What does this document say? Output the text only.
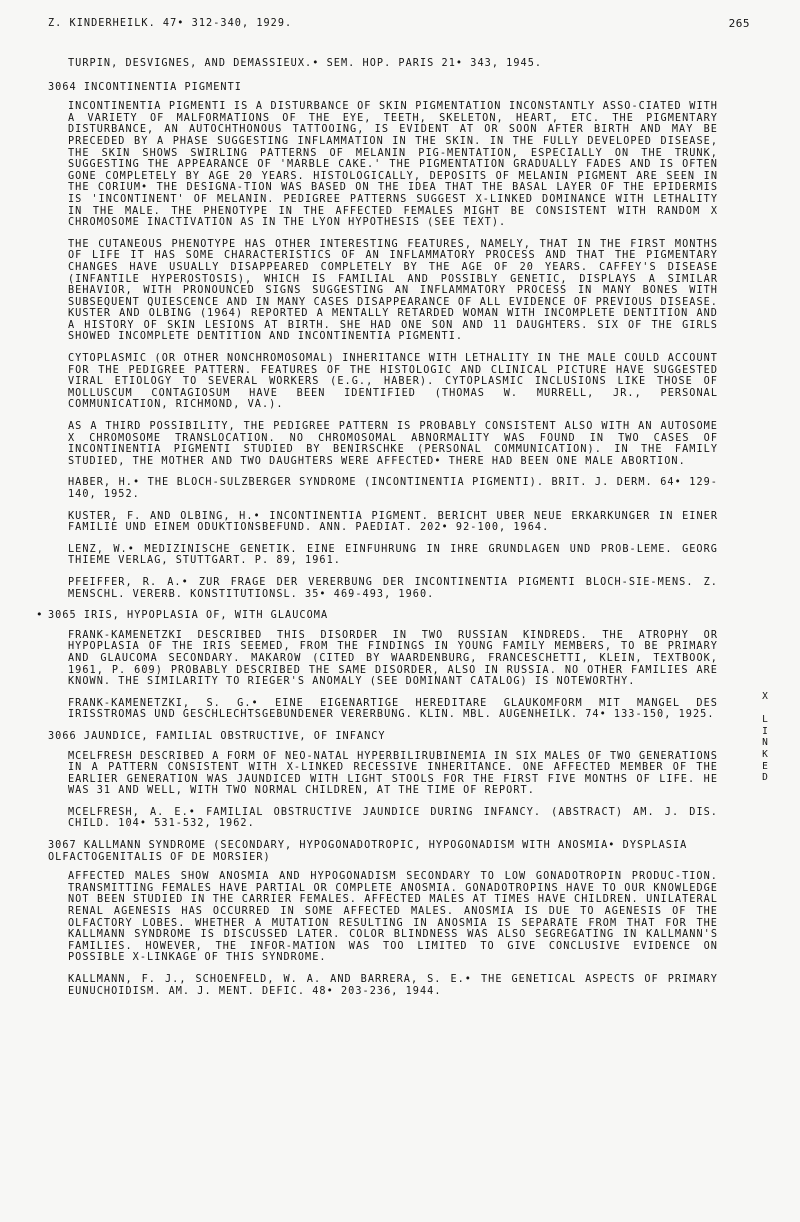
Z. KINDERHEILK. 47• 312-340, 1929.	265
TURPIN, DESVIGNES, AND DEMASSIEUX.• SEM. HOP. PARIS 21• 343, 1945.
3064 INCONTINENTIA PIGMENTI

INCONTINENTIA PIGMENTI IS A DISTURBANCE OF SKIN PIGMENTATION INCONSTANTLY ASSO-CIATED WITH A VARIETY OF MALFORMATIONS OF THE EYE, TEETH, SKELETON, HEART, ETC. THE PIGMENTARY DISTURBANCE, AN AUTOCHTHONOUS TATTOOING, IS EVIDENT AT OR SOON AFTER BIRTH AND MAY BE PRECEDED BY A PHASE SUGGESTING INFLAMMATION IN THE SKIN. IN THE FULLY DEVELOPED DISEASE, THE SKIN SHOWS SWIRLING PATTERNS OF MELANIN PIG-MENTATION, ESPECIALLY ON THE TRUNK, SUGGESTING THE APPEARANCE OF 'MARBLE CAKE.' THE PIGMENTATION GRADUALLY FADES AND IS OFTEN GONE COMPLETELY BY AGE 20 YEARS. HISTOLOGICALLY, DEPOSITS OF MELANIN PIGMENT ARE SEEN IN THE CORIUM• THE DESIGNA-TION WAS BASED ON THE IDEA THAT THE BASAL LAYER OF THE EPIDERMIS IS 'INCONTINENT' OF MELANIN. PEDIGREE PATTERNS SUGGEST X-LINKED DOMINANCE WITH LETHALITY IN THE MALE. THE PHENOTYPE IN THE AFFECTED FEMALES MIGHT BE CONSISTENT WITH RANDOM X CHROMOSOME INACTIVATION AS IN THE LYON HYPOTHESIS (SEE TEXT).

THE CUTANEOUS PHENOTYPE HAS OTHER INTERESTING FEATURES, NAMELY, THAT IN THE FIRST MONTHS OF LIFE IT HAS SOME CHARACTERISTICS OF AN INFLAMMATORY PROCESS AND THAT THE PIGMENTARY CHANGES HAVE USUALLY DISAPPEARED COMPLETELY BY THE AGE OF 20 YEARS. CAFFEY'S DISEASE (INFANTILE HYPEROSTOSIS), WHICH IS FAMILIAL AND POSSIBLY GENETIC, DISPLAYS A SIMILAR BEHAVIOR, WITH PRONOUNCED SIGNS SUGGESTING AN INFLAMMATORY PROCESS IN MANY BONES WITH SUBSEQUENT QUIESCENCE AND IN MANY CASES DISAPPEARANCE OF ALL EVIDENCE OF PREVIOUS DISEASE. KUSTER AND OLBING (1964) REPORTED A MENTALLY RETARDED WOMAN WITH INCOMPLETE DENTITION AND A HISTORY OF SKIN LESIONS AT BIRTH. SHE HAD ONE SON AND 11 DAUGHTERS. SIX OF THE GIRLS SHOWED INCOMPLETE DENTITION AND INCONTINENTIA PIGMENTI.

CYTOPLASMIC (OR OTHER NONCHROMOSOMAL) INHERITANCE WITH LETHALITY IN THE MALE COULD ACCOUNT FOR THE PEDIGREE PATTERN. FEATURES OF THE HISTOLOGIC AND CLINICAL PICTURE HAVE SUGGESTED VIRAL ETIOLOGY TO SEVERAL WORKERS (E.G., HABER). CYTOPLASMIC INCLUSIONS LIKE THOSE OF MOLLUSCUM CONTAGIOSUM HAVE BEEN IDENTIFIED (THOMAS W. MURRELL, JR., PERSONAL COMMUNICATION, RICHMOND, VA.).

AS A THIRD POSSIBILITY, THE PEDIGREE PATTERN IS PROBABLY CONSISTENT ALSO WITH AN AUTOSOME X CHROMOSOME TRANSLOCATION. NO CHROMOSOMAL ABNORMALITY WAS FOUND IN TWO CASES OF INCONTINENTIA PIGMENTI STUDIED BY BENIRSCHKE (PERSONAL COMMUNICATION). IN THE FAMILY STUDIED, THE MOTHER AND TWO DAUGHTERS WERE AFFECTED• THERE HAD BEEN ONE MALE ABORTION.

HABER, H.• THE BLOCH-SULZBERGER SYNDROME (INCONTINENTIA PIGMENTI). BRIT. J. DERM. 64• 129-140, 1952.

KUSTER, F. AND OLBING, H.• INCONTINENTIA PIGMENT. BERICHT UBER NEUE ERKARKUNGER IN EINER FAMILIE UND EINEM ODUKTIONSBEFUND. ANN. PAEDIAT. 202• 92-100, 1964.

LENZ, W.• MEDIZINISCHE GENETIK. EINE EINFUHRUNG IN IHRE GRUNDLAGEN UND PROB-LEME. GEORG THIEME VERLAG, STUTTGART. P. 89, 1961.

PFEIFFER, R. A.• ZUR FRAGE DER VERERBUNG DER INCONTINENTIA PIGMENTI BLOCH-SIE-MENS. Z. MENSCHL. VERERB. KONSTITUTIONSL. 35• 469-493, 1960.

• 3065 IRIS, HYPOPLASIA OF, WITH GLAUCOMA

FRANK-KAMENETZKI DESCRIBED THIS DISORDER IN TWO RUSSIAN KINDREDS. THE ATROPHY OR HYPOPLASIA OF THE IRIS SEEMED, FROM THE FINDINGS IN YOUNG FAMILY MEMBERS, TO BE PRIMARY AND GLAUCOMA SECONDARY. MAKAROW (CITED BY WAARDENBURG, FRANCESCHETTI, KLEIN, TEXTBOOK, 1961, P. 609) PROBABLY DESCRIBED THE SAME DISORDER, ALSO IN RUSSIA. NO OTHER FAMILIES ARE KNOWN. THE SIMILARITY TO RIEGER'S ANOMALY (SEE DOMINANT CATALOG) IS NOTEWORTHY.

FRANK-KAMENETZKI, S. G.• EINE EIGENARTIGE HEREDITARE GLAUKOMFORM MIT MANGEL DES IRISSTROMAS UND GESCHLECHTSGEBUNDENER VERERBUNG. KLIN. MBL. AUGENHEILK. 74• 133-150, 1925.

3066 JAUNDICE, FAMILIAL OBSTRUCTIVE, OF INFANCY

MCELFRESH DESCRIBED A FORM OF NEO-NATAL HYPERBILIRUBINEMIA IN SIX MALES OF TWO GENERATIONS IN A PATTERN CONSISTENT WITH X-LINKED RECESSIVE INHERITANCE. ONE AFFECTED MEMBER OF THE EARLIER GENERATION WAS JAUNDICED WITH LIGHT STOOLS FOR THE FIRST FIVE MONTHS OF LIFE. HE WAS 31 AND WELL, WITH TWO NORMAL CHILDREN, AT THE TIME OF REPORT.

MCELFRESH, A. E.• FAMILIAL OBSTRUCTIVE JAUNDICE DURING INFANCY. (ABSTRACT) AM. J. DIS. CHILD. 104• 531-532, 1962.

3067 KALLMANN SYNDROME (SECONDARY, HYPOGONADOTROPIC, HYPOGONADISM WITH ANOSMIA• DYSPLASIA OLFACTOGENITALIS OF DE MORSIER)

AFFECTED MALES SHOW ANOSMIA AND HYPOGONADISM SECONDARY TO LOW GONADOTROPIN PRODUC-TION. TRANSMITTING FEMALES HAVE PARTIAL OR COMPLETE ANOSMIA. GONADOTROPINS HAVE TO OUR KNOWLEDGE NOT BEEN STUDIED IN THE CARRIER FEMALES. AFFECTED MALES AT TIMES HAVE CHILDREN. UNILATERAL RENAL AGENESIS HAS OCCURRED IN SOME AFFECTED MALES. ANOSMIA IS DUE TO AGENESIS OF THE OLFACTORY LOBES. WHETHER A MUTATION RESULTING IN ANOSMIA IS SEPARATE FROM THAT FOR THE KALLMANN SYNDROME IS DISCUSSED LATER. COLOR BLINDNESS WAS ALSO SEGREGATING IN KALLMANN'S FAMILIES. HOWEVER, THE INFOR-MATION WAS TOO LIMITED TO GIVE CONCLUSIVE EVIDENCE ON POSSIBLE X-LINKAGE OF THIS SYNDROME.

KALLMANN, F. J., SCHOENFELD, W. A. AND BARRERA, S. E.• THE GENETICAL ASPECTS OF PRIMARY EUNUCHOIDISM. AM. J. MENT. DEFIC. 48• 203-236, 1944.

X

L
I
N
K
E
D
